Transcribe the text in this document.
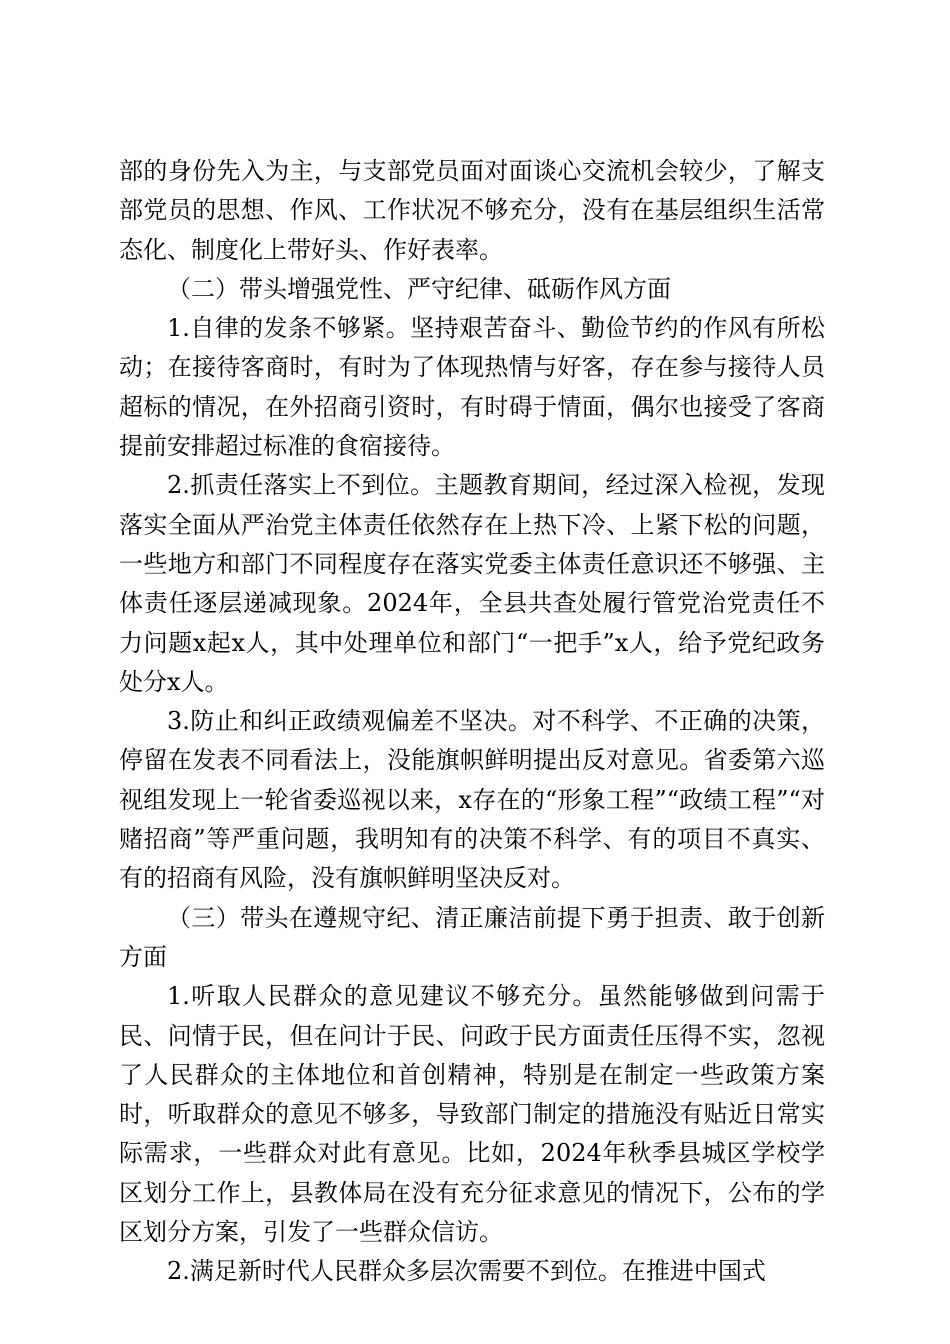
部的身份先入为主，与支部党员面对面谈心交流机会较少，了解支部党员的思想、作风、工作状况不够充分，没有在基层组织生活常态化、制度化上带好头、作好表率。

（二）带头增强党性、严守纪律、砥砺作风方面

1.自律的发条不够紧。坚持艰苦奋斗、勤俭节约的作风有所松动；在接待客商时，有时为了体现热情与好客，存在参与接待人员超标的情况，在外招商引资时，有时碍于情面，偶尔也接受了客商提前安排超过标准的食宿接待。

2.抓责任落实上不到位。主题教育期间，经过深入检视，发现落实全面从严治党主体责任依然存在上热下冷、上紧下松的问题，一些地方和部门不同程度存在落实党委主体责任意识还不够强、主体责任逐层递减现象。2024年，全县共查处履行管党治党责任不力问题x起x人，其中处理单位和部门“一把手”x人，给予党纪政务处分x人。

3.防止和纠正政绩观偏差不坚决。对不科学、不正确的决策，停留在发表不同看法上，没能旗帜鲜明提出反对意见。省委第六巡视组发现上一轮省委巡视以来，x存在的“形象工程”“政绩工程”“对赌招商”等严重问题，我明知有的决策不科学、有的项目不真实、有的招商有风险，没有旗帜鲜明坚决反对。

（三）带头在遵规守纪、清正廉洁前提下勇于担责、敢于创新方面

1.听取人民群众的意见建议不够充分。虽然能够做到问需于民、问情于民，但在问计于民、问政于民方面责任压得不实，忽视了人民群众的主体地位和首创精神，特别是在制定一些政策方案时，听取群众的意见不够多，导致部门制定的措施没有贴近日常实际需求，一些群众对此有意见。比如，2024年秋季县城区学校学区划分工作上，县教体局在没有充分征求意见的情况下，公布的学区划分方案，引发了一些群众信访。

2.满足新时代人民群众多层次需要不到位。在推进中国式
